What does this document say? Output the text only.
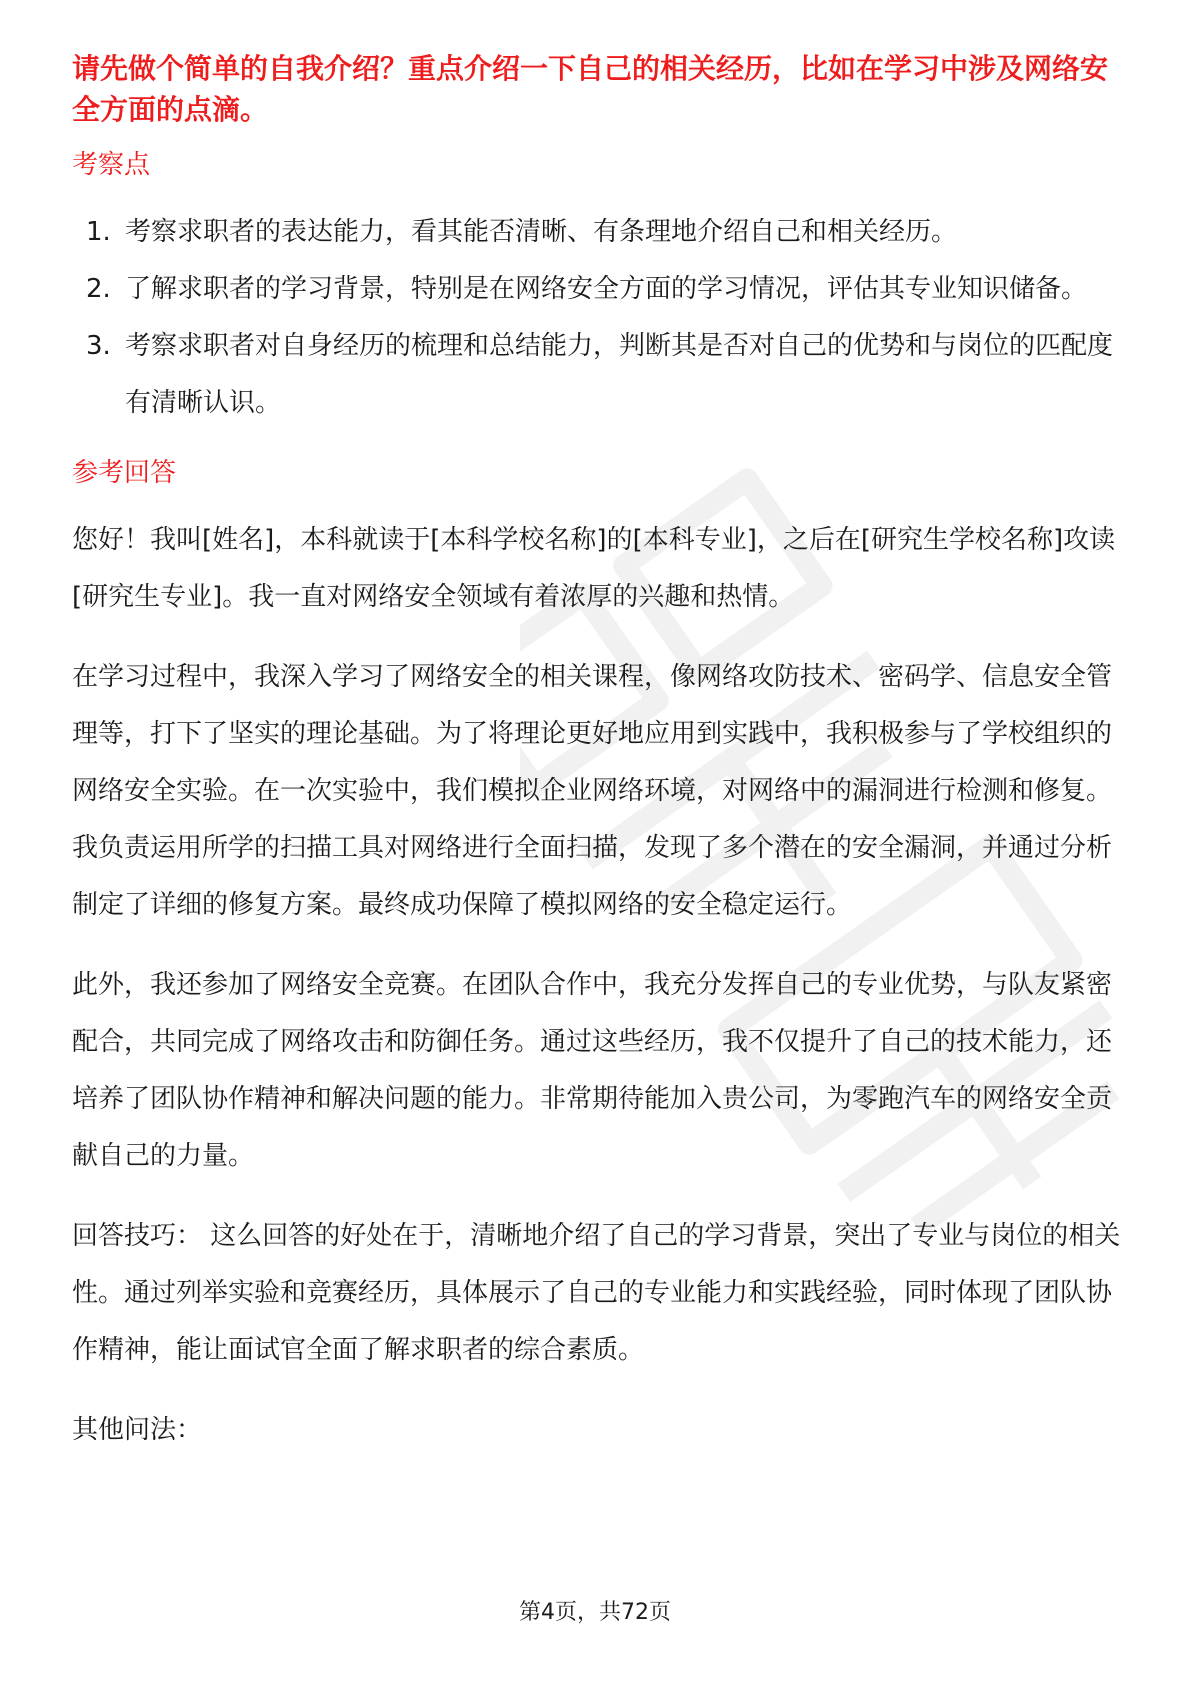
请先做个简单的自我介绍？重点介绍一下自己的相关经历，比如在学习中涉及网络安全方面的点滴。

考察点
1. 考察求职者的表达能力，看其能否清晰、有条理地介绍自己和相关经历。
2. 了解求职者的学习背景，特别是在网络安全方面的学习情况，评估其专业知识储备。
3. 考察求职者对自身经历的梳理和总结能力，判断其是否对自己的优势和与岗位的匹配度有清晰认识。
参考回答

您好！我叫[姓名]，本科就读于[本科学校名称]的[本科专业]，之后在[研究生学校名称]攻读[研究生专业]。我一直对网络安全领域有着浓厚的兴趣和热情。

在学习过程中，我深入学习了网络安全的相关课程，像网络攻防技术、密码学、信息安全管理等，打下了坚实的理论基础。为了将理论更好地应用到实践中，我积极参与了学校组织的网络安全实验。在一次实验中，我们模拟企业网络环境，对网络中的漏洞进行检测和修复。我负责运用所学的扫描工具对网络进行全面扫描，发现了多个潜在的安全漏洞，并通过分析制定了详细的修复方案。最终成功保障了模拟网络的安全稳定运行。

此外，我还参加了网络安全竞赛。在团队合作中，我充分发挥自己的专业优势，与队友紧密配合，共同完成了网络攻击和防御任务。通过这些经历，我不仅提升了自己的技术能力，还培养了团队协作精神和解决问题的能力。非常期待能加入贵公司，为零跑汽车的网络安全贡献自己的力量。

回答技巧： 这么回答的好处在于，清晰地介绍了自己的学习背景，突出了专业与岗位的相关性。通过列举实验和竞赛经历，具体展示了自己的专业能力和实践经验，同时体现了团队协作精神，能让面试官全面了解求职者的综合素质。

其他问法：

第4页，共72页
